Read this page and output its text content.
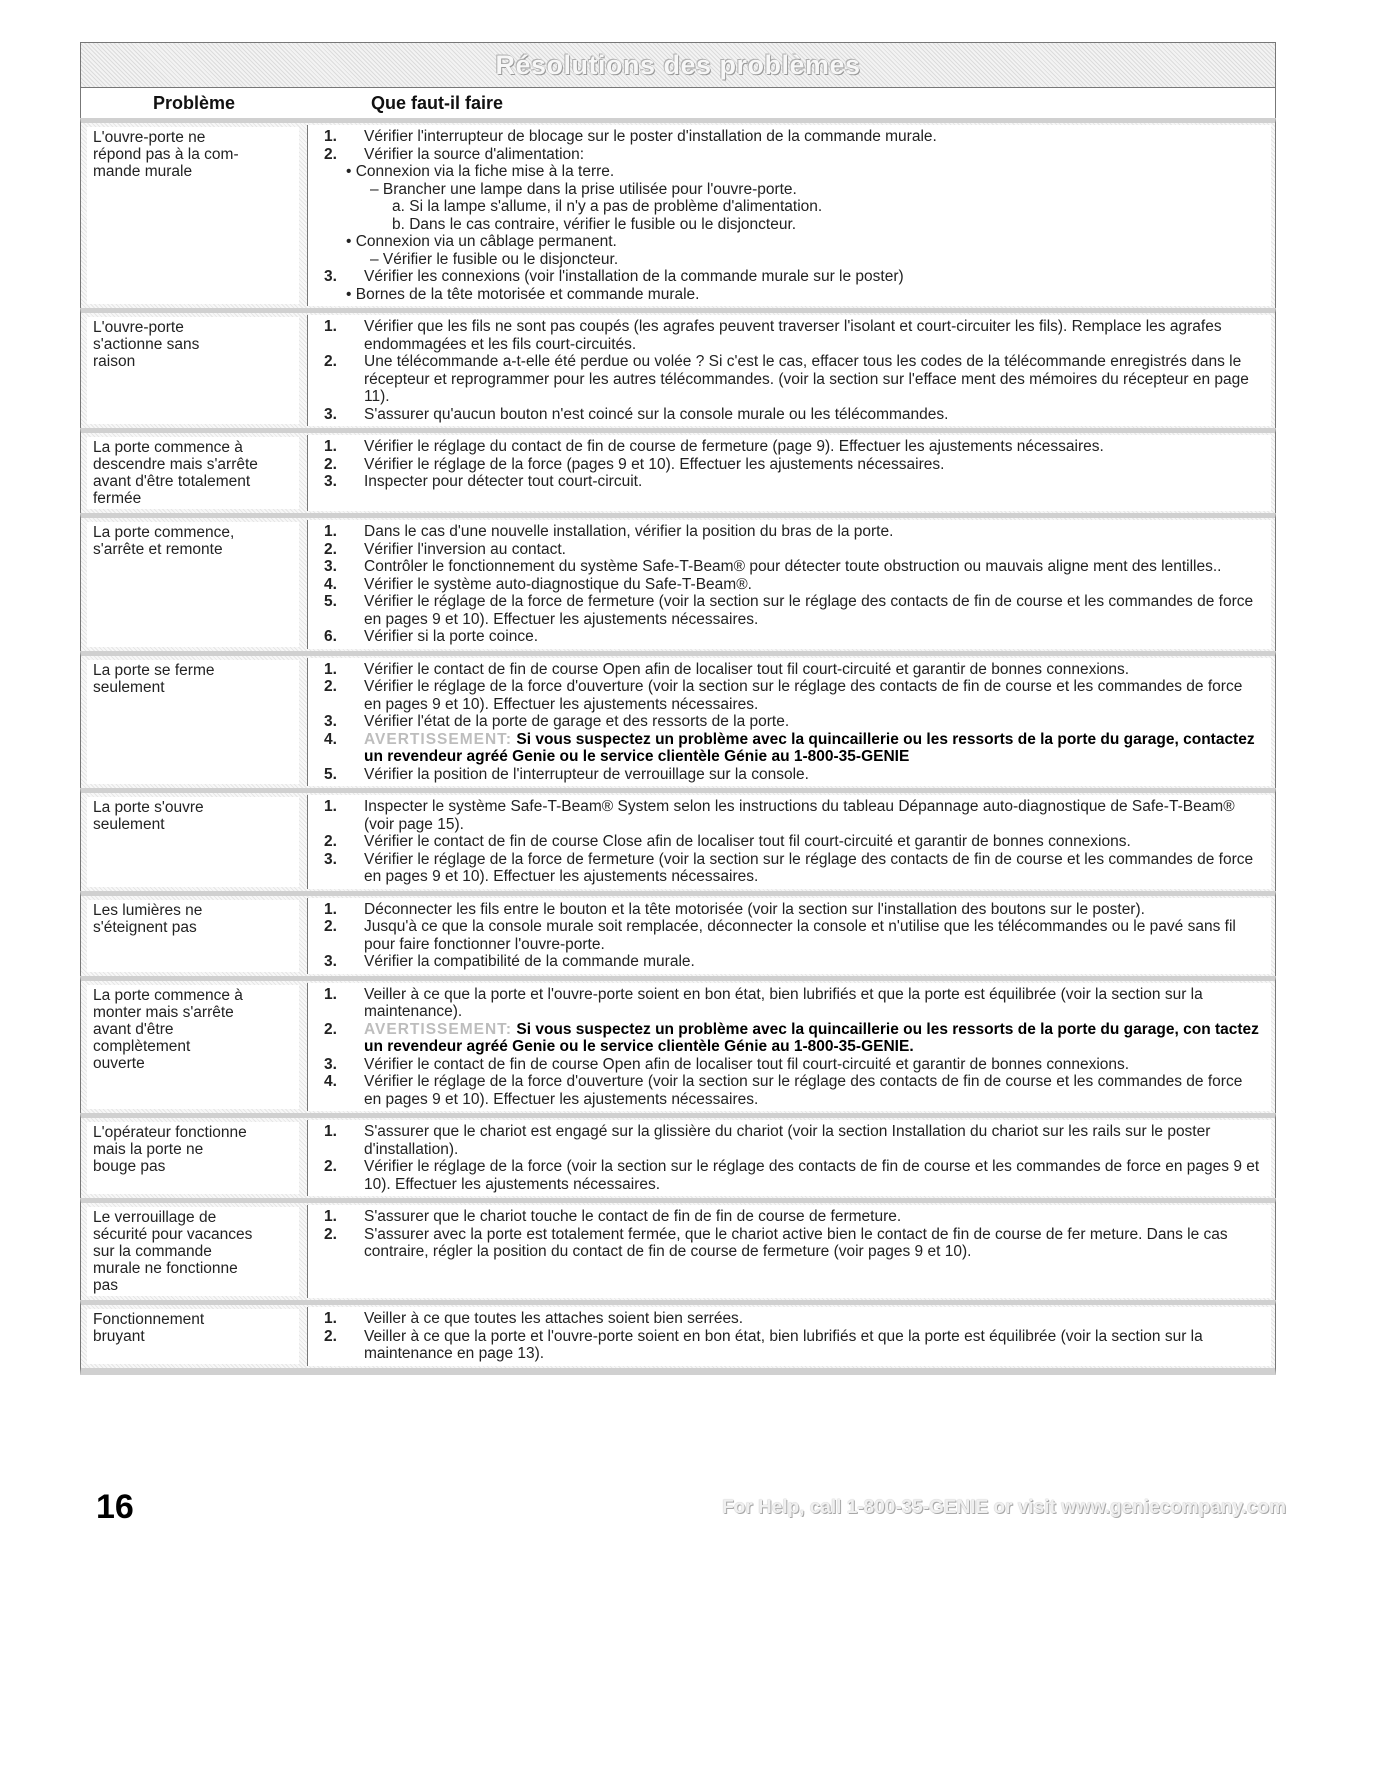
Résolutions des problèmes
Problème	Que faut-il faire
L'ouvre-porte ne
répond pas à la com-
mande murale
1.	Vérifier l'interrupteur de blocage sur le poster d'installation de la commande murale.
2.	Vérifier la source d'alimentation:
• Connexion via la fiche mise à la terre.
– Brancher une lampe dans la prise utilisée pour l'ouvre-porte.
a. Si la lampe s'allume, il n'y a pas de problème d'alimentation.
b. Dans le cas contraire, vérifier le fusible ou le disjoncteur.
• Connexion via un câblage permanent.
– Vérifier le fusible ou le disjoncteur.
3.	Vérifier les connexions (voir l'installation de la commande murale sur le poster)
• Bornes de la tête motorisée et commande murale.
L'ouvre-porte
s'actionne sans
raison
1.	Vérifier que les fils ne sont pas coupés (les agrafes peuvent traverser l'isolant et court-circuiter les fils). Remplace les agrafes endommagées et les fils court-circuités.
2.	Une télécommande a-t-elle été perdue ou volée ? Si c'est le cas, effacer tous les codes de la télécommande enregistrés dans le récepteur et reprogrammer pour les autres télécommandes. (voir la section sur l'efface ment des mémoires du récepteur en page 11).
3.	S'assurer qu'aucun bouton n'est coincé sur la console murale ou les télécommandes.
La porte commence à
descendre mais s'arrête
avant d'être totalement
fermée
1.	Vérifier le réglage du contact de fin de course de fermeture (page 9). Effectuer les ajustements nécessaires.
2.	Vérifier le réglage de la force (pages 9 et 10). Effectuer les ajustements nécessaires.
3.	Inspecter pour détecter tout court-circuit.
La porte commence,
s'arrête et remonte
1.	Dans le cas d'une nouvelle installation, vérifier la position du bras de la porte.
2.	Vérifier l'inversion au contact.
3.	Contrôler le fonctionnement du système Safe-T-Beam® pour détecter toute obstruction ou mauvais aligne ment des lentilles..
4.	Vérifier le système auto-diagnostique du Safe-T-Beam®.
5.	Vérifier le réglage de la force de fermeture (voir la section sur le réglage des contacts de fin de course et les commandes de force en pages 9 et 10). Effectuer les ajustements nécessaires.
6.	Vérifier si la porte coince.
La porte se ferme
seulement
1.	Vérifier le contact de fin de course Open afin de localiser tout fil court-circuité et garantir de bonnes connexions.
2.	Vérifier le réglage de la force d'ouverture (voir la section sur le réglage des contacts de fin de course et les commandes de force en pages 9 et 10). Effectuer les ajustements nécessaires.
3.	Vérifier l'état de la porte de garage et des ressorts de la porte.
4.	AVERTISSEMENT: Si vous suspectez un problème avec la quincaillerie ou les ressorts de la porte du garage, contactez un revendeur agréé Genie ou le service clientèle Génie au 1-800-35-GENIE
5.	Vérifier la position de l'interrupteur de verrouillage sur la console.
La porte s'ouvre
seulement
1.	Inspecter le système Safe-T-Beam® System selon les instructions du tableau Dépannage auto-diagnostique de Safe-T-Beam® (voir page 15).
2.	Vérifier le contact de fin de course Close afin de localiser tout fil court-circuité et garantir de bonnes connexions.
3.	Vérifier le réglage de la force de fermeture (voir la section sur le réglage des contacts de fin de course et les commandes de force en pages 9 et 10). Effectuer les ajustements nécessaires.
Les lumières ne
s'éteignent pas
1.	Déconnecter les fils entre le bouton et la tête motorisée (voir la section sur l'installation des boutons sur le poster).
2.	Jusqu'à ce que la console murale soit remplacée, déconnecter la console et n'utilise que les télécommandes ou le pavé sans fil pour faire fonctionner l'ouvre-porte.
3.	Vérifier la compatibilité de la commande murale.
La porte commence à
monter mais s'arrête
avant d'être
complètement
ouverte
1.	Veiller à ce que la porte et l'ouvre-porte soient en bon état, bien lubrifiés et que la porte est équilibrée (voir la section sur la maintenance).
2.	AVERTISSEMENT: Si vous suspectez un problème avec la quincaillerie ou les ressorts de la porte du garage, con tactez un revendeur agréé Genie ou le service clientèle Génie au 1-800-35-GENIE.
3.	Vérifier le contact de fin de course Open afin de localiser tout fil court-circuité et garantir de bonnes connexions.
4.	Vérifier le réglage de la force d'ouverture (voir la section sur le réglage des contacts de fin de course et les commandes de force en pages 9 et 10). Effectuer les ajustements nécessaires.
L'opérateur fonctionne
mais la porte ne
bouge pas
1.	S'assurer que le chariot est engagé sur la glissière du chariot (voir la section Installation du chariot sur les rails sur le poster d'installation).
2.	Vérifier le réglage de la force (voir la section sur le réglage des contacts de fin de course et les commandes de force en pages 9 et 10). Effectuer les ajustements nécessaires.
Le verrouillage de
sécurité pour vacances
sur la commande
murale ne fonctionne
pas
1.	S'assurer que le chariot touche le contact de fin de fin de course de fermeture.
2.	S'assurer avec la porte est totalement fermée, que le chariot active bien le contact de fin de course de fer meture. Dans le cas contraire, régler la position du contact de fin de course de fermeture (voir pages 9 et 10).
Fonctionnement
bruyant
1.	Veiller à ce que toutes les attaches soient bien serrées.
2.	Veiller à ce que la porte et l'ouvre-porte soient en bon état, bien lubrifiés et que la porte est équilibrée (voir la section sur la maintenance en page 13).
16	For Help, call 1-800-35-GENIE or visit www.geniecompany.com
